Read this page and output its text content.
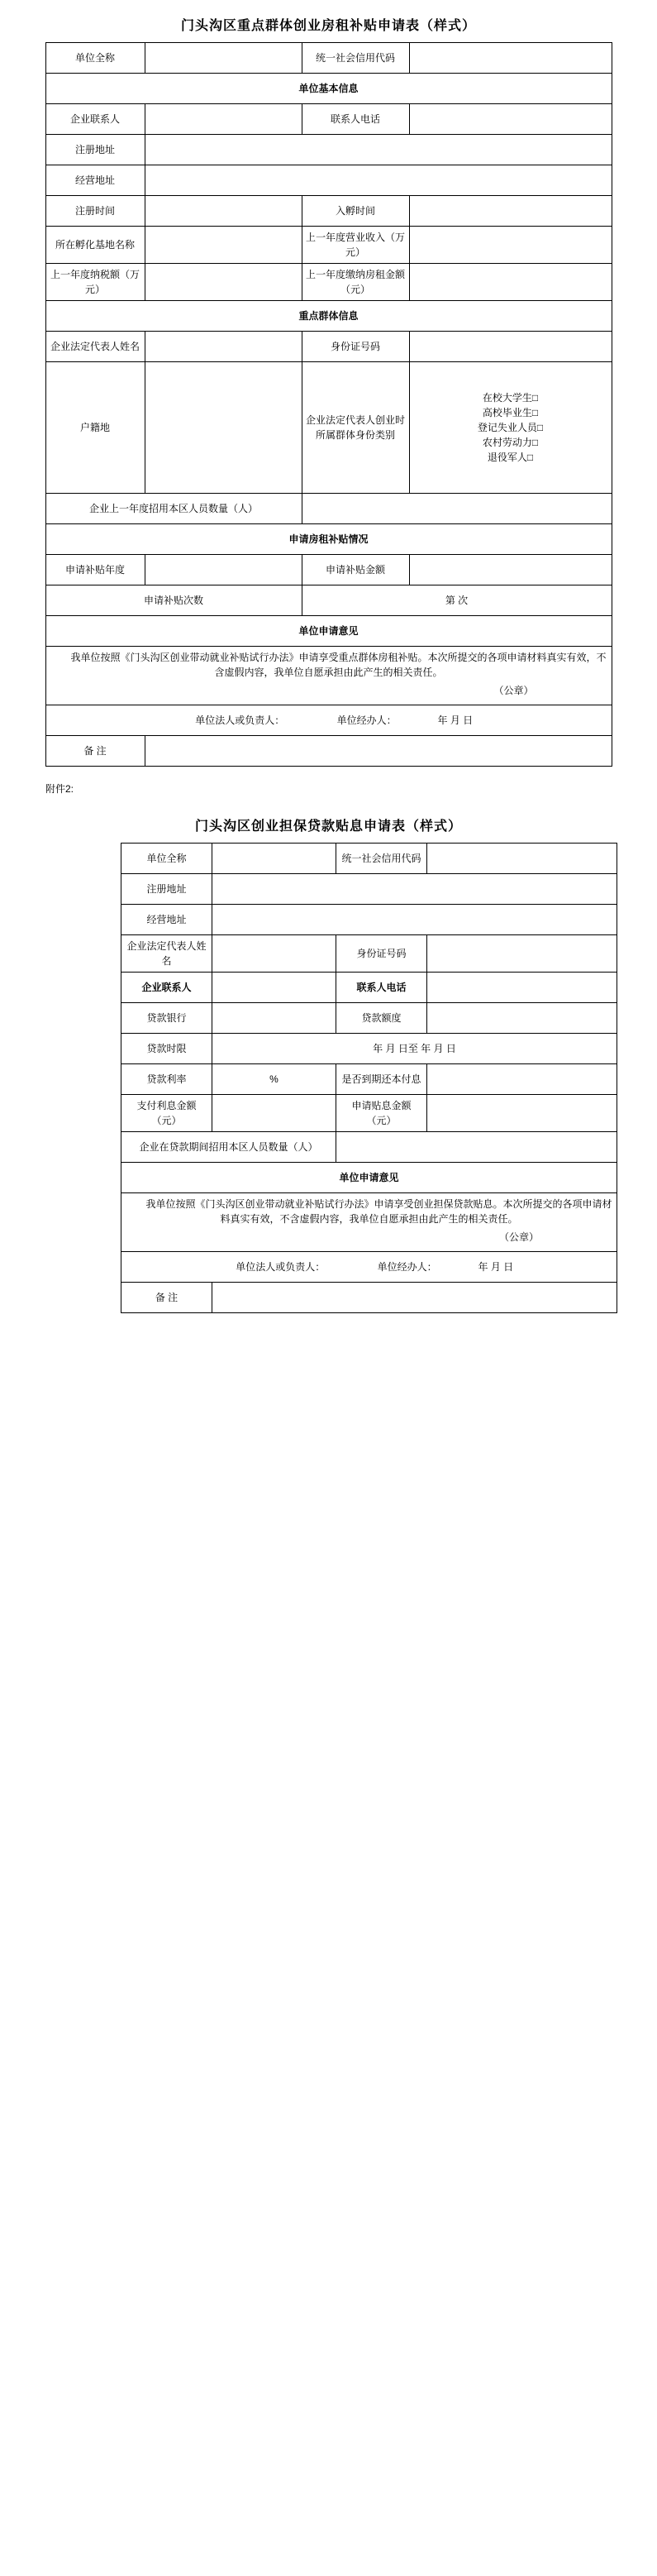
门头沟区重点群体创业房租补贴申请表（样式）
单位全称		统一社会信用代码	
单位基本信息			
企业联系人		联系人电话	
注册地址			
经营地址			
注册时间		入孵时间	
所在孵化基地名称		上一年度营业收入（万元）	
上一年度纳税额（万元）		上一年度缴纳房租金额（元）	
重点群体信息			
企业法定代表人姓名		身份证号码	
户籍地		企业法定代表人创业时所属群体身份类别	在校大学生□
高校毕业生□
登记失业人员□
农村劳动力□
退役军人□

企业上一年度招用本区人员数量（人）			
申请房租补贴情况			
申请补贴年度		申请补贴金额	
申请补贴次数		第 次	
单位申请意见			

我单位按照《门头沟区创业带动就业补贴试行办法》申请享受重点群体房租补贴。本次所提交的各项申请材料真实有效，不含虚假内容，我单位自愿承担由此产生的相关责任。

（公章）			

单位法人或负责人： 单位经办人： 年 月 日			
备 注			
附件2:
门头沟区创业担保贷款贴息申请表（样式）
单位全称		统一社会信用代码	
注册地址			
经营地址			
企业法定代表人姓名		身份证号码	
企业联系人		联系人电话	
贷款银行		贷款额度	
贷款时限	年 月 日至 年 月 日		
贷款利率	%	是否到期还本付息	
支付利息金额（元）		申请贴息金额（元）	
企业在贷款期间招用本区人员数量（人）			
单位申请意见			

我单位按照《门头沟区创业带动就业补贴试行办法》申请享受创业担保贷款贴息。本次所提交的各项申请材料真实有效，不含虚假内容，我单位自愿承担由此产生的相关责任。

（公章）			

单位法人或负责人： 单位经办人： 年 月 日			
备 注			
